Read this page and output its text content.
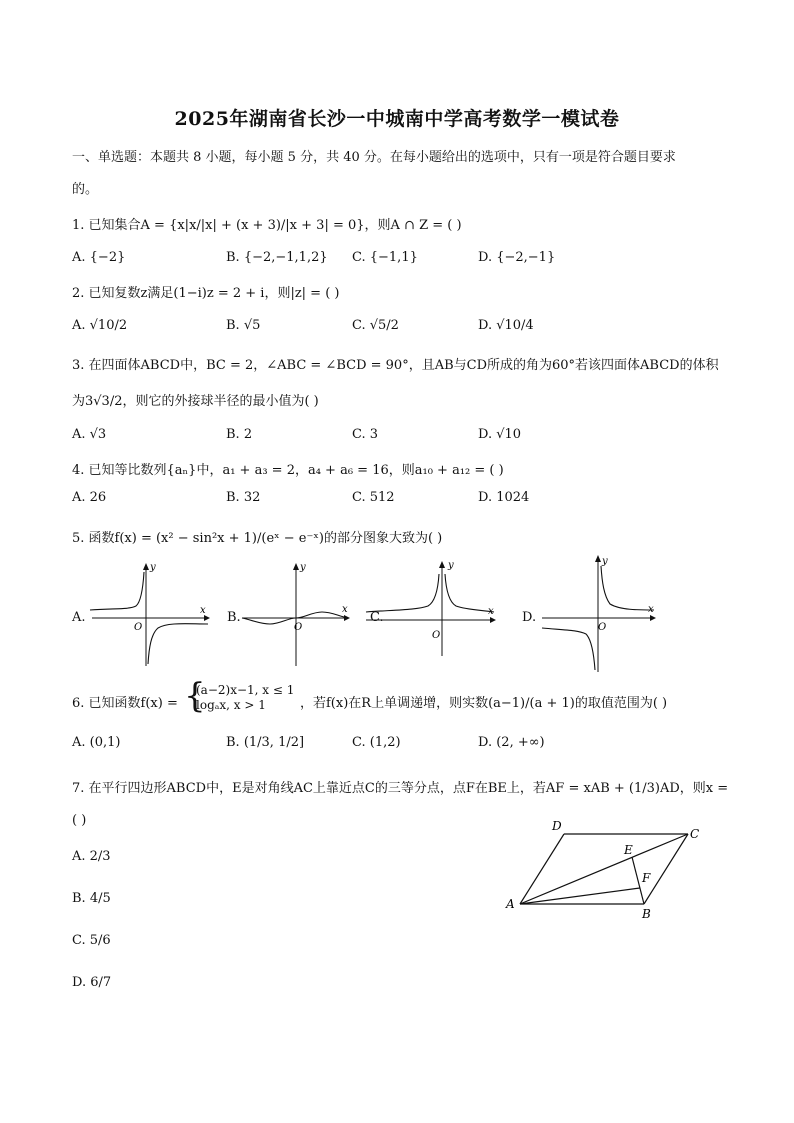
2025年湖南省长沙一中城南中学高考数学一模试卷
一、单选题：本题共 8 小题，每小题 5 分，共 40 分。在每小题给出的选项中，只有一项是符合题目要求
的。
1. 已知集合A = {x|x/|x| + (x + 3)/|x + 3| = 0}，则A ∩ Z = ( )
A. {−2}	B. {−2,−1,1,2} C. {−1,1}	D. {−2,−1}
2. 已知复数z满足(1−i)z = 2 + i，则|z| = ( )
A. √10/2	B. √5	C. √5/2	D. √10/4
3. 在四面体ABCD中，BC = 2，∠ABC = ∠BCD = 90°，且AB与CD所成的角为60°若该四面体ABCD的体积
为3√3/2，则它的外接球半径的最小值为( )
A. √3	B. 2	C. 3	D. √10
4. 已知等比数列{aₙ}中，a₁ + a₃ = 2，a₄ + a₆ = 16，则a₁₀ + a₁₂ = ( )
A. 26	B. 32	C. 512	D. 1024
5. 函数f(x) = (x² − sin²x + 1)/(eˣ − e⁻ˣ)的部分图象大致为( )
A.	x
y
O
B.
x
y
O
C.	x
y
O
D.
x
y
O
6. 已知函数f(x) = {
(a−2)x−1, x ≤ 1
logₐx, x > 1	，若f(x)在R上单调递增，则实数(a−1)/(a + 1)的取值范围为( )
A. (0,1)	B. (1/3, 1/2]	C. (1,2)	D. (2, +∞)
7. 在平行四边形ABCD中，E是对角线AC上靠近点C的三等分点，点F在BE上，若AF = xAB + (1/3)AD，则x =
( )
A. 2/3
B. 4/5
C. 5/6
D. 6/7
D
C
E
F
A
B
